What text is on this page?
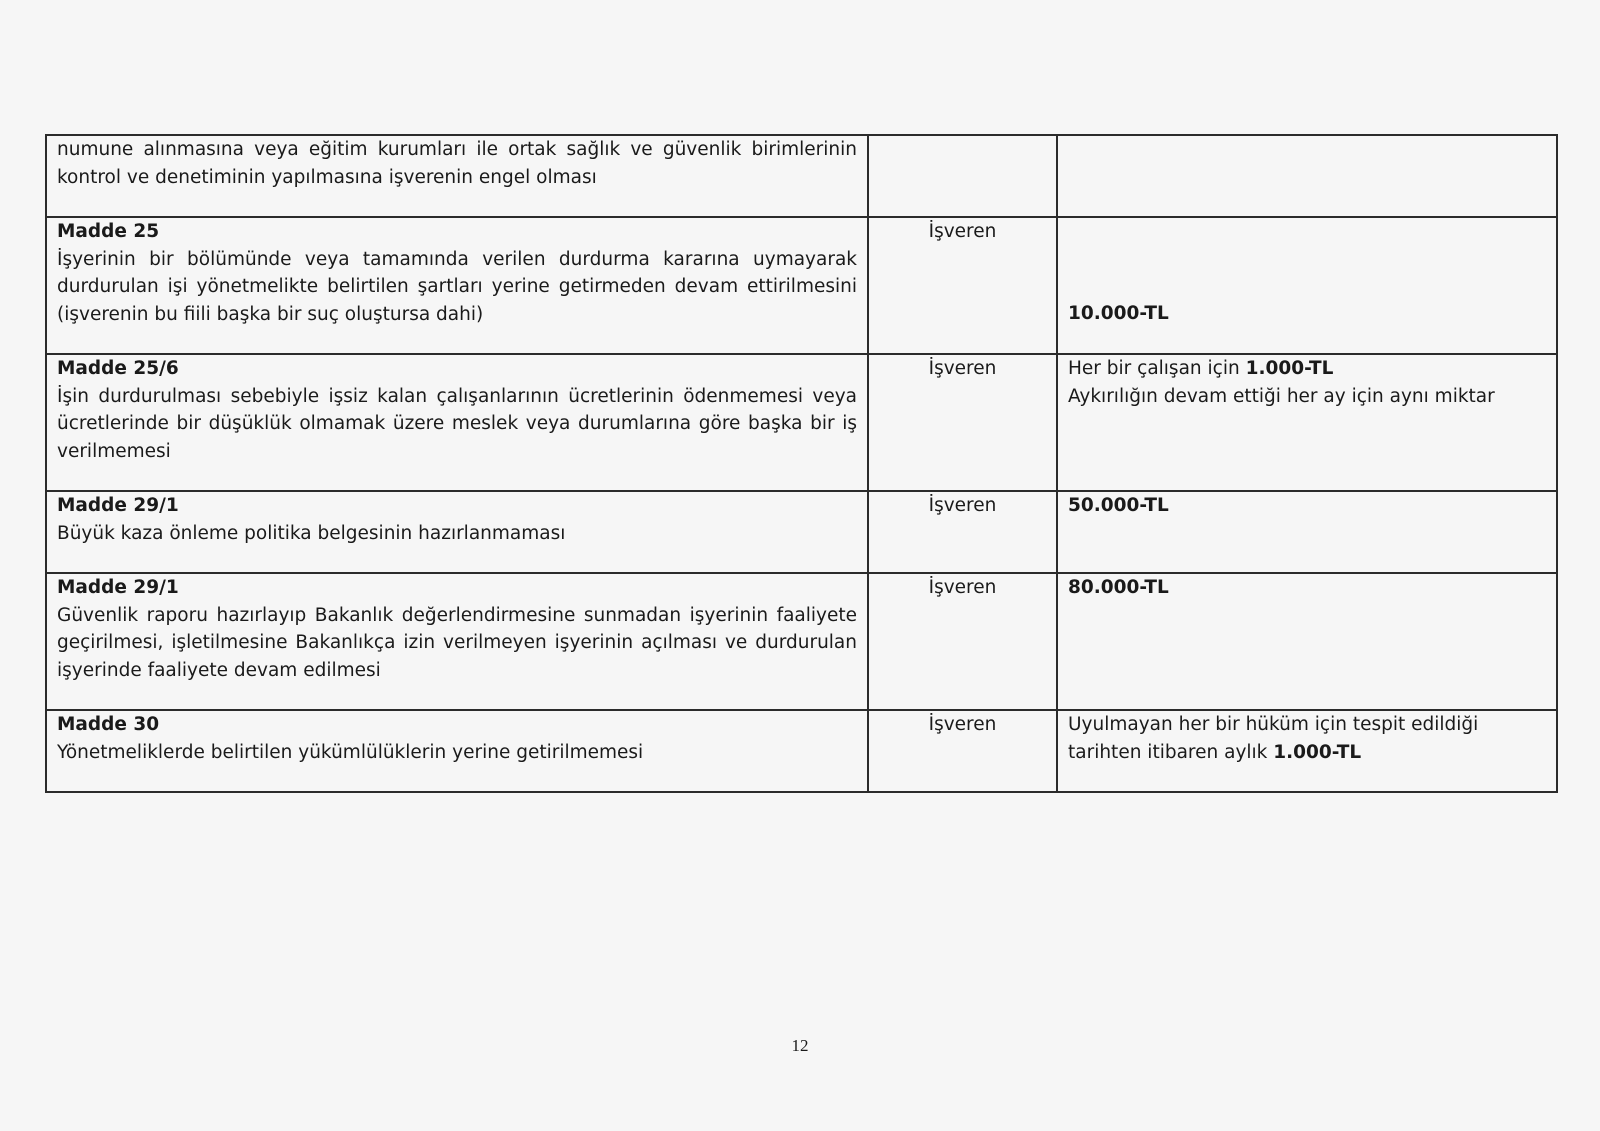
numune alınmasına veya eğitim kurumları ile ortak sağlık ve güvenlik birimlerinin kontrol ve denetiminin yapılmasına işverenin engel olması		

Madde 25
İşyerinin bir bölümünde veya tamamında verilen durdurma kararına uymayarak durdurulan işi yönetmelikte belirtilen şartları yerine getirmeden devam ettirilmesini (işverenin bu fiili başka bir suç oluştursa dahi)	İşveren	10.000-TL

Madde 25/6
İşin durdurulması sebebiyle işsiz kalan çalışanlarının ücretlerinin ödenmemesi veya ücretlerinde bir düşüklük olmamak üzere meslek veya durumlarına göre başka bir iş verilmemesi	İşveren	Her bir çalışan için 1.000-TL
Aykırılığın devam ettiği her ay için aynı miktar

Madde 29/1
Büyük kaza önleme politika belgesinin hazırlanmaması	İşveren	50.000-TL

Madde 29/1
Güvenlik raporu hazırlayıp Bakanlık değerlendirmesine sunmadan işyerinin faaliyete geçirilmesi, işletilmesine Bakanlıkça izin verilmeyen işyerinin açılması ve durdurulan işyerinde faaliyete devam edilmesi	İşveren	80.000-TL

Madde 30
Yönetmeliklerde belirtilen yükümlülüklerin yerine getirilmemesi	İşveren	Uyulmayan her bir hüküm için tespit edildiği tarihten itibaren aylık 1.000-TL
12
